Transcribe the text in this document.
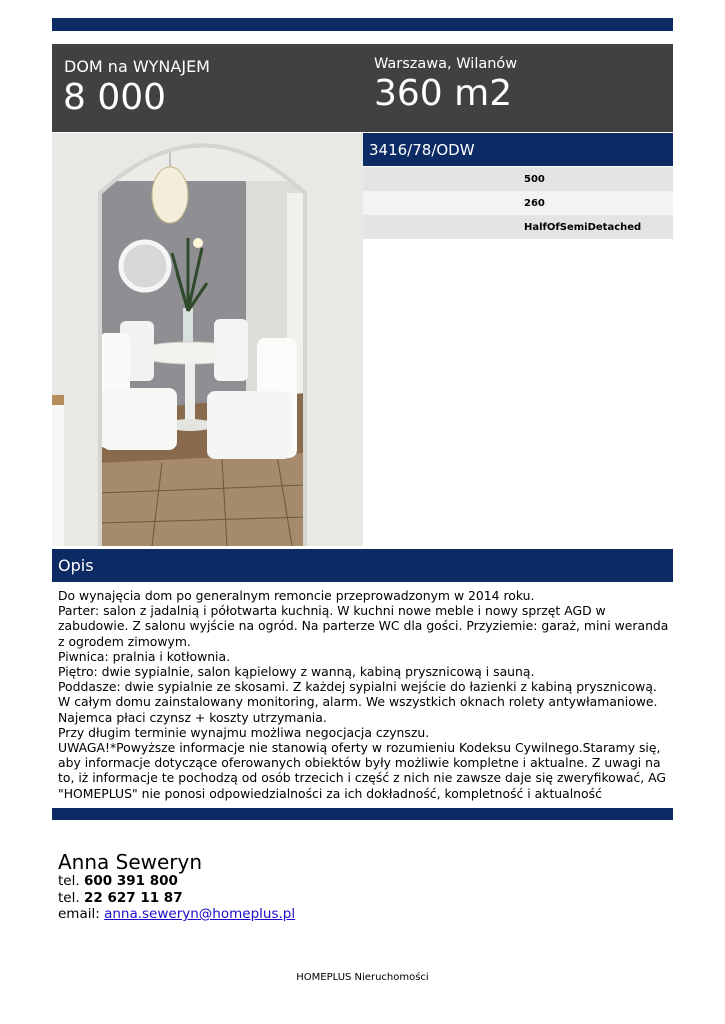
DOM na WYNAJEM
8 000
Warszawa, Wilanów
360 m2
3416/78/ODW
500
260
HalfOfSemiDetached
Opis
Do wynajęcia dom po generalnym remoncie przeprowadzonym w 2014 roku.
Parter: salon z jadalnią i półotwarta kuchnią. W kuchni nowe meble i nowy sprzęt AGD w
zabudowie. Z salonu wyjście na ogród. Na parterze WC dla gości. Przyziemie: garaż, mini weranda
z ogrodem zimowym.
Piwnica: pralnia i kotłownia.
Piętro: dwie sypialnie, salon kąpielowy z wanną, kabiną prysznicową i sauną.
Poddasze: dwie sypialnie ze skosami. Z każdej sypialni wejście do łazienki z kabiną prysznicową.
W całym domu zainstalowany monitoring, alarm. We wszystkich oknach rolety antywłamaniowe.
Najemca płaci czynsz + koszty utrzymania.
Przy długim terminie wynajmu możliwa negocjacja czynszu.
UWAGA!*Powyższe informacje nie stanowią oferty w rozumieniu Kodeksu Cywilnego.Staramy się,
aby informacje dotyczące oferowanych obiektów były możliwie kompletne i aktualne. Z uwagi na
to, iż informacje te pochodzą od osób trzecich i część z nich nie zawsze daje się zweryfikować, AG
"HOMEPLUS" nie ponosi odpowiedzialności za ich dokładność, kompletność i aktualność
Anna Seweryn
tel. 600 391 800
tel. 22 627 11 87
email: anna.seweryn@homeplus.pl
HOMEPLUS Nieruchomości
